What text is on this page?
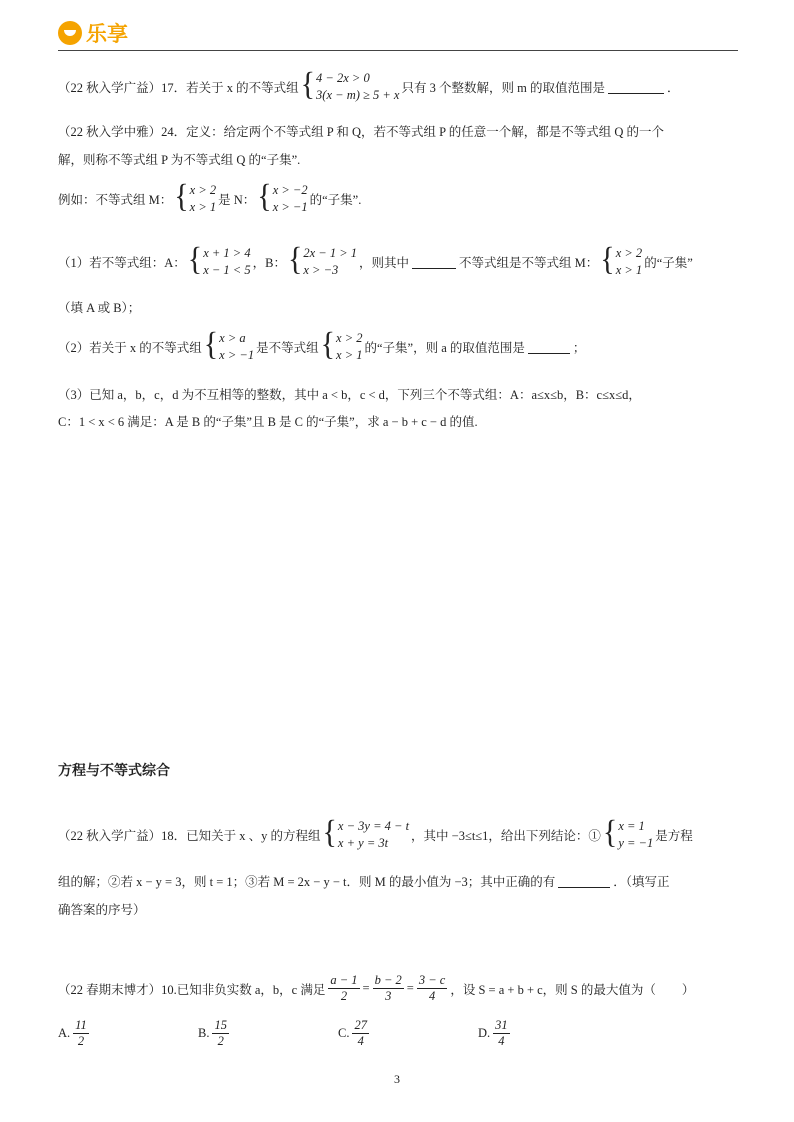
乐享
（22 秋入学广益）17．若关于 x 的不等式组 { 4 − 2x > 0
3(x − m) ≥ 5 + x 只有 3 个整数解，则 m 的取值范围是	．
（22 秋入学中雅）24．定义：给定两个不等式组 P 和 Q，若不等式组 P 的任意一个解，都是不等式组 Q 的一个
解，则称不等式组 P 为不等式组 Q 的“子集”.
例如：不等式组 M： { x > 2
x > 1 是 N： { x > −2
x > −1 的“子集”.
（1）若不等式组：A： { x + 1 > 4
x − 1 < 5 ，B： { 2x − 1 > 1
x > −3	，则其中	不等式组是不等式组 M： { x > 2
x > 1 的“子集”
（填 A 或 B）；
（2）若关于 x 的不等式组 { x > a
x > −1 是不等式组 { x > 2
x > 1 的“子集”，则 a 的取值范围是	；
（3）已知 a，b，c，d 为不互相等的整数，其中 a < b，c < d，下列三个不等式组：A：a≤x≤b，B：c≤x≤d，
C：1 < x < 6 满足：A 是 B 的“子集”且 B 是 C 的“子集”，求 a − b + c − d 的值.
方程与不等式综合
（22 秋入学广益）18．已知关于 x 、y 的方程组 { x − 3y = 4 − t
x + y = 3t	，其中 −3≤t≤1，给出下列结论：① { x = 1
y = −1 是方程
组的解；②若 x − y = 3，则 t = 1；③若 M = 2x − y − t．则 M 的最小值为 −3；其中正确的有	．（填写正
确答案的序号）
（22 春期末博才）10.已知非负实数 a，b，c 满足 $\frac{a - 1}{2} = \frac{b - 2}{3} = \frac{3 - c}{4}$ ，设 S = a + b + c，则 S 的最大值为（ ）
A. $\frac{11}{2}$	B. $\frac{15}{2}$	C. $\frac{27}{4}$	D. $\frac{31}{4}$
3
